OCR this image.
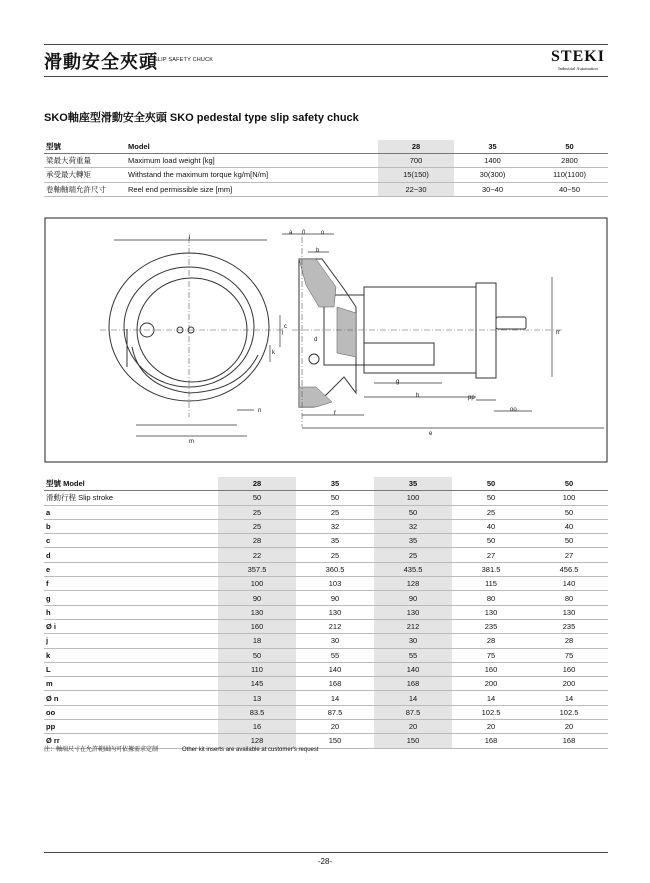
滑動安全夾頭
SLIP SAFETY CHUCK	STEKI
Industrial Automation
SKO軸座型滑動安全夾頭 SKO pedestal type slip safety chuck
型號	Model	28	35	50
梁最大荷重量	Maximum load weight [kg]	700	1400	2800
承受最大轉矩	Withstand the maximum torque kg/m[N/m]	15(150)	30(300)	110(1100)
卷軸軸端允許尺寸	Reel end permissible size [mm]	22~30	30~40	40~50
l
m
n
k
j
a 0	o
b
c
d
g
h
f
e
pp
oo
rr
型號 Model	28	35	35	50	50
滑動行程 Slip stroke	50	50	100	50	100
a	25	25	50	25	50
b	25	32	32	40	40
c	28	35	35	50	50
d	22	25	25	27	27
e	357.5	360.5	435.5	381.5	456.5
f	100	103	128	115	140
g	90	90	90	80	80
h	130	130	130	130	130
Ø i	160	212	212	235	235
j	18	30	30	28	28
k	50	55	55	75	75
L	110	140	140	160	160
m	145	168	168	200	200
Ø n	13	14	14	14	14
oo	83.5	87.5	87.5	102.5	102.5
pp	16	20	20	20	20
Ø rr	128	150	150	168	168
注：軸端尺寸在允許範圍內可依據需求定制	Other kit inserts are available at customer's request
-28-
